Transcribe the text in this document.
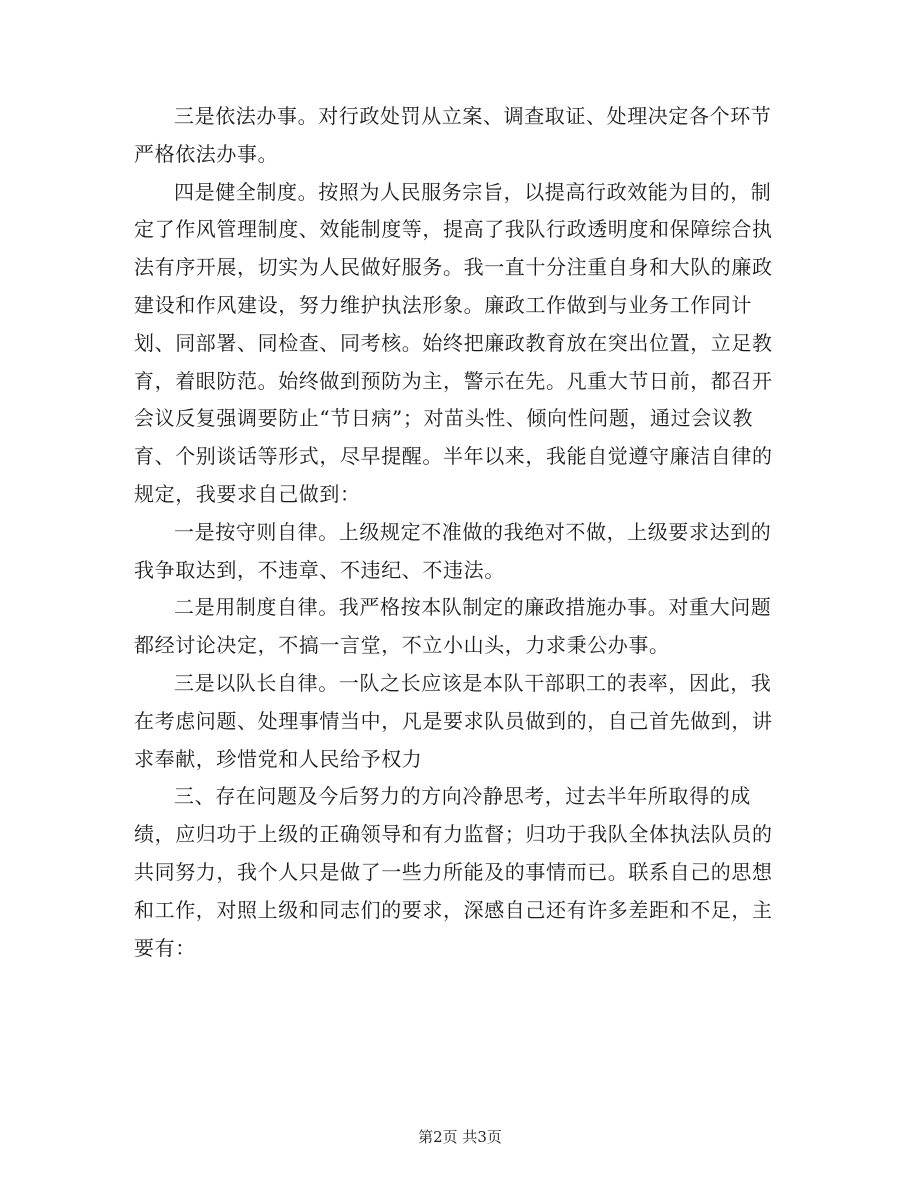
三是依法办事。对行政处罚从立案、调查取证、处理决定各个环节严格依法办事。

四是健全制度。按照为人民服务宗旨，以提高行政效能为目的，制定了作风管理制度、效能制度等，提高了我队行政透明度和保障综合执法有序开展，切实为人民做好服务。我一直十分注重自身和大队的廉政建设和作风建设，努力维护执法形象。廉政工作做到与业务工作同计划、同部署、同检查、同考核。始终把廉政教育放在突出位置，立足教育，着眼防范。始终做到预防为主，警示在先。凡重大节日前，都召开会议反复强调要防止“节日病”；对苗头性、倾向性问题，通过会议教育、个别谈话等形式，尽早提醒。半年以来，我能自觉遵守廉洁自律的规定，我要求自己做到：

一是按守则自律。上级规定不准做的我绝对不做，上级要求达到的我争取达到，不违章、不违纪、不违法。

二是用制度自律。我严格按本队制定的廉政措施办事。对重大问题都经讨论决定，不搞一言堂，不立小山头，力求秉公办事。

三是以队长自律。一队之长应该是本队干部职工的表率，因此，我在考虑问题、处理事情当中，凡是要求队员做到的，自己首先做到，讲求奉献，珍惜党和人民给予权力

三、存在问题及今后努力的方向冷静思考，过去半年所取得的成绩，应归功于上级的正确领导和有力监督；归功于我队全体执法队员的共同努力，我个人只是做了一些力所能及的事情而已。联系自己的思想和工作，对照上级和同志们的要求，深感自己还有许多差距和不足，主要有：

第2页 共3页
